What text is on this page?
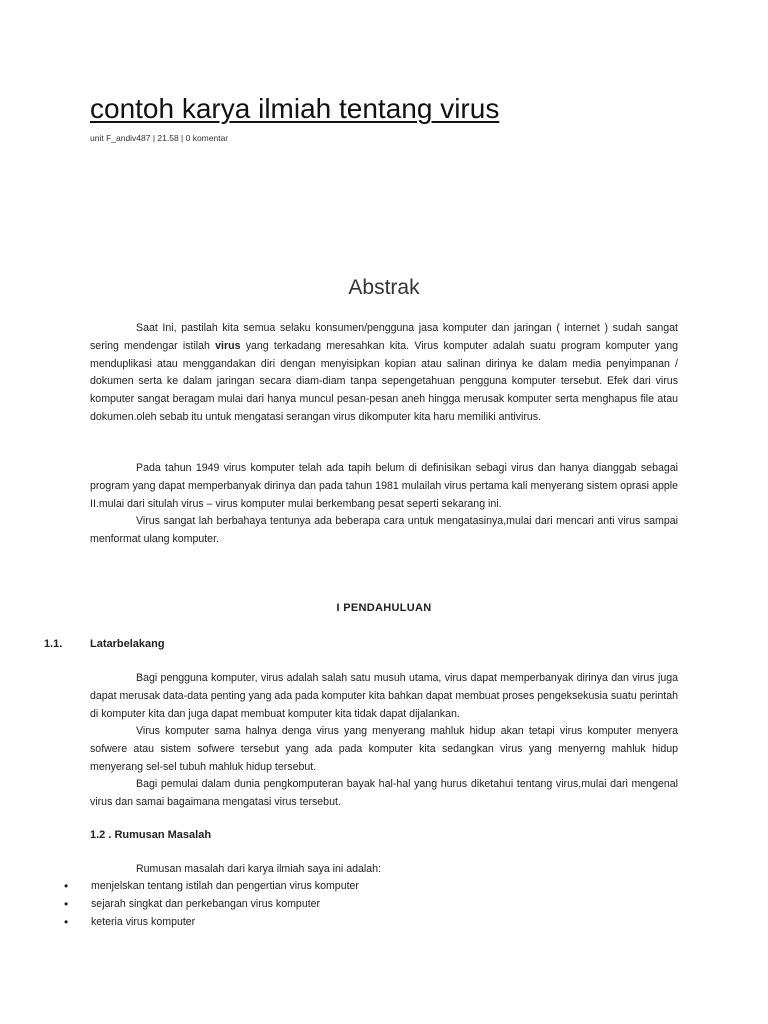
contoh karya ilmiah tentang virus
unit F_andiv487 | 21.58 | 0 komentar
Abstrak

Saat Ini, pastilah kita semua selaku konsumen/pengguna jasa komputer dan jaringan ( internet ) sudah sangat sering mendengar istilah virus yang terkadang meresahkan kita. Virus komputer adalah suatu program komputer yang menduplikasi atau menggandakan diri dengan menyisipkan kopian atau salinan dirinya ke dalam media penyimpanan / dokumen serta ke dalam jaringan secara diam-diam tanpa sepengetahuan pengguna komputer tersebut. Efek dari virus komputer sangat beragam mulai dari hanya muncul pesan-pesan aneh hingga merusak komputer serta menghapus file atau dokumen.oleh sebab itu untuk mengatasi serangan virus dikomputer kita haru memiliki antivirus.

Pada tahun 1949 virus komputer telah ada tapih belum di definisikan sebagi virus dan hanya dianggab sebagai program yang dapat memperbanyak dirinya dan pada tahun 1981 mulailah virus pertama kali menyerang sistem oprasi apple II.mulai dari situlah virus – virus komputer mulai berkembang pesat seperti sekarang ini.

Virus sangat lah berbahaya tentunya ada beberapa cara untuk mengatasinya,mulai dari mencari anti virus sampai menformat ulang komputer.

I PENDAHULUAN
1.1.	Latarbelakang

Bagi pengguna komputer, virus adalah salah satu musuh utama, virus dapat memperbanyak dirinya dan virus juga dapat merusak data-data penting yang ada pada komputer kita bahkan dapat membuat proses pengeksekusia suatu perintah di komputer kita dan juga dapat membuat komputer kita tidak dapat dijalankan.

Virus komputer sama halnya denga virus yang menyerang mahluk hidup akan tetapi virus komputer menyera sofwere atau sistem sofwere tersebut yang ada pada komputer kita sedangkan virus yang menyerng mahluk hidup menyerang sel-sel tubuh mahluk hidup tersebut.

Bagi pemulai dalam dunia pengkomputeran bayak hal-hal yang hurus diketahui tentang virus,mulai dari mengenal virus dan samai bagaimana mengatasi virus tersebut.

1.2 . Rumusan Masalah

Rumusan masalah dari karya ilmiah saya ini adalah:

• menjelskan tentang istilah dan pengertian virus komputer
• sejarah singkat dan perkebangan virus komputer
• keteria virus komputer
